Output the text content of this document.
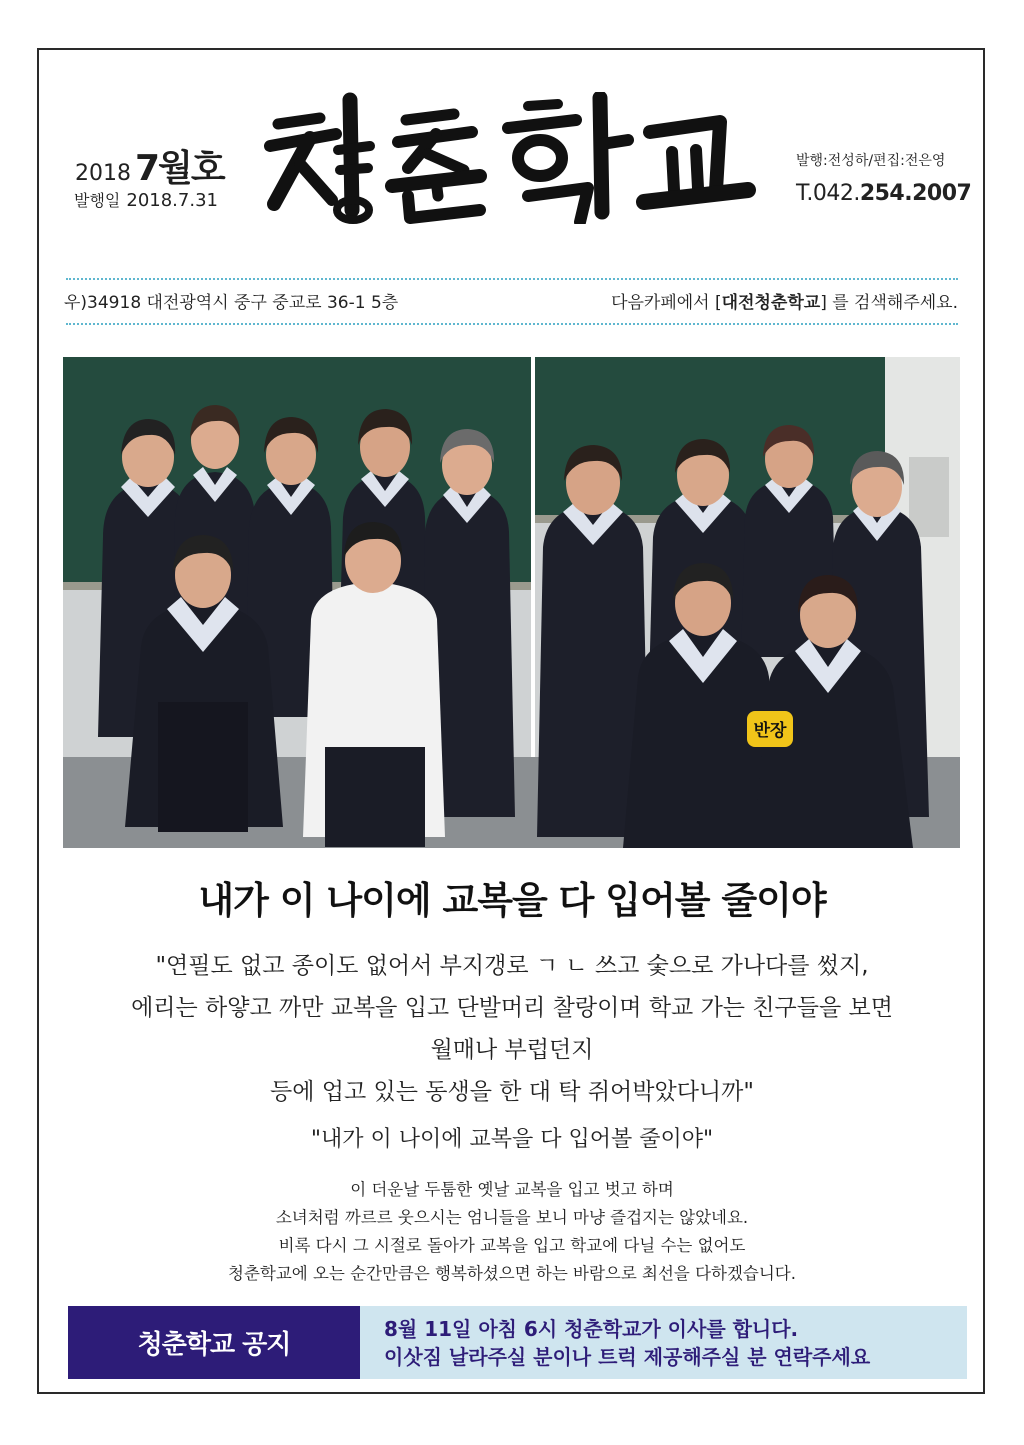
2018 7월호
발행일 2018.7.31
발행:전성하/편집:전은영
T.042.254.2007
우)34918 대전광역시 중구 중교로 36-1 5층	다음카페에서 [대전청춘학교] 를 검색해주세요.
반장
내가 이 나이에 교복을 다 입어볼 줄이야
"연필도 없고 종이도 없어서 부지갱로 ㄱ ㄴ 쓰고 숯으로 가나다를 썼지,
에리는 하얗고 까만 교복을 입고 단발머리 찰랑이며 학교 가는 친구들을 보면
월매나 부럽던지
등에 업고 있는 동생을 한 대 탁 쥐어박았다니까"
"내가 이 나이에 교복을 다 입어볼 줄이야"
이 더운날 두툼한 옛날 교복을 입고 벗고 하며
소녀처럼 까르르 웃으시는 엄니들을 보니 마냥 즐겁지는 않았네요.
비록 다시 그 시절로 돌아가 교복을 입고 학교에 다닐 수는 없어도
청춘학교에 오는 순간만큼은 행복하셨으면 하는 바람으로 최선을 다하겠습니다.
청춘학교 공지
8월 11일 아침 6시 청춘학교가 이사를 합니다.
이삿짐 날라주실 분이나 트럭 제공해주실 분 연락주세요
